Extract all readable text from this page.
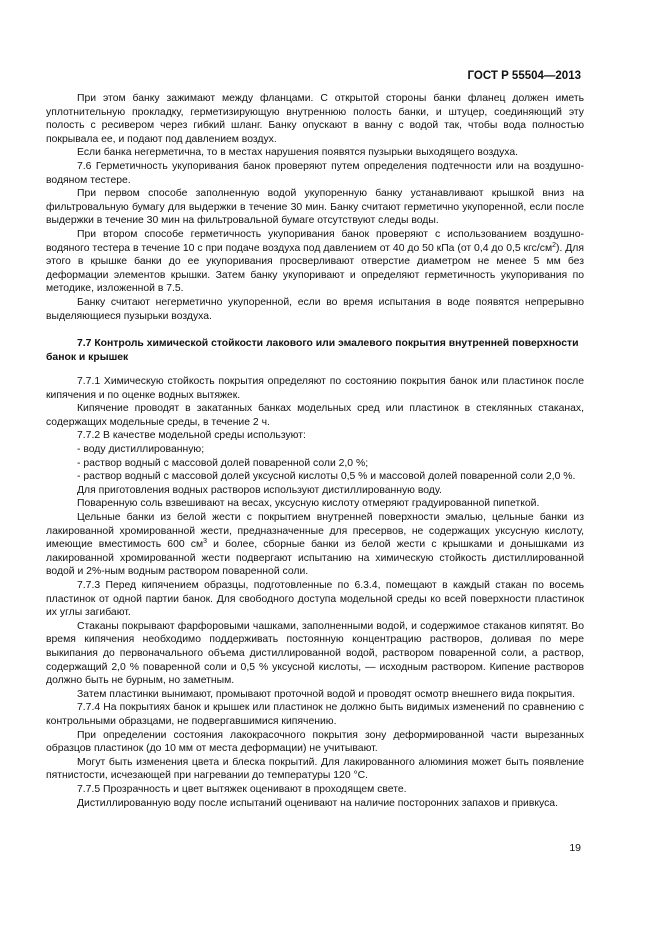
ГОСТ Р 55504—2013

При этом банку зажимают между фланцами. С открытой стороны банки фланец должен иметь уплотнительную прокладку, герметизирующую внутреннюю полость банки, и штуцер, соединяющий эту полость с ресивером через гибкий шланг. Банку опускают в ванну с водой так, чтобы вода полностью покрывала ее, и подают под давлением воздух.

Если банка негерметична, то в местах нарушения появятся пузырьки выходящего воздуха.

7.6 Герметичность укупоривания банок проверяют путем определения подтечности или на воздушно-водяном тестере.

При первом способе заполненную водой укупоренную банку устанавливают крышкой вниз на фильтровальную бумагу для выдержки в течение 30 мин. Банку считают герметично укупоренной, если после выдержки в течение 30 мин на фильтровальной бумаге отсутствуют следы воды.

При втором способе герметичность укупоривания банок проверяют с использованием воздушно-водяного тестера в течение 10 с при подаче воздуха под давлением от 40 до 50 кПа (от 0,4 до 0,5 кгс/$см^2$). Для этого в крышке банки до ее укупоривания просверливают отверстие диаметром не менее 5 мм без деформации элементов крышки. Затем банку укупоривают и определяют герметичность укупоривания по методике, изложенной в 7.5.

Банку считают негерметично укупоренной, если во время испытания в воде появятся непрерывно выделяющиеся пузырьки воздуха.

7.7 Контроль химической стойкости лакового или эмалевого покрытия внутренней поверхности банок и крышек

7.7.1 Химическую стойкость покрытия определяют по состоянию покрытия банок или пластинок после кипячения и по оценке водных вытяжек.

Кипячение проводят в закатанных банках модельных сред или пластинок в стеклянных стаканах, содержащих модельные среды, в течение 2 ч.

7.7.2 В качестве модельной среды используют:

- воду дистиллированную;

- раствор водный с массовой долей поваренной соли 2,0 %;

- раствор водный с массовой долей уксусной кислоты 0,5 % и массовой долей поваренной соли 2,0 %.

Для приготовления водных растворов используют дистиллированную воду.

Поваренную соль взвешивают на весах, уксусную кислоту отмеряют градуированной пипеткой.

Цельные банки из белой жести с покрытием внутренней поверхности эмалью, цельные банки из лакированной хромированной жести, предназначенные для пресервов, не содержащих уксусную кислоту, имеющие вместимость 600 $см^3$ и более, сборные банки из белой жести с крышками и донышками из лакированной хромированной жести подвергают испытанию на химическую стойкость дистиллированной водой и 2%-ным водным раствором поваренной соли.

7.7.3 Перед кипячением образцы, подготовленные по 6.3.4, помещают в каждый стакан по восемь пластинок от одной партии банок. Для свободного доступа модельной среды ко всей поверхности пластинок их углы загибают.

Стаканы покрывают фарфоровыми чашками, заполненными водой, и содержимое стаканов кипятят. Во время кипячения необходимо поддерживать постоянную концентрацию растворов, доливая по мере выкипания до первоначального объема дистиллированной водой, раствором поваренной соли, а раствор, содержащий 2,0 % поваренной соли и 0,5 % уксусной кислоты, — исходным раствором. Кипение растворов должно быть не бурным, но заметным.

Затем пластинки вынимают, промывают проточной водой и проводят осмотр внешнего вида покрытия.

7.7.4 На покрытиях банок и крышек или пластинок не должно быть видимых изменений по сравнению с контрольными образцами, не подвергавшимися кипячению.

При определении состояния лакокрасочного покрытия зону деформированной части вырезанных образцов пластинок (до 10 мм от места деформации) не учитывают.

Могут быть изменения цвета и блеска покрытий. Для лакированного алюминия может быть появление пятнистости, исчезающей при нагревании до температуры 120 °С.

7.7.5 Прозрачность и цвет вытяжек оценивают в проходящем свете.

Дистиллированную воду после испытаний оценивают на наличие посторонних запахов и привкуса.

19
